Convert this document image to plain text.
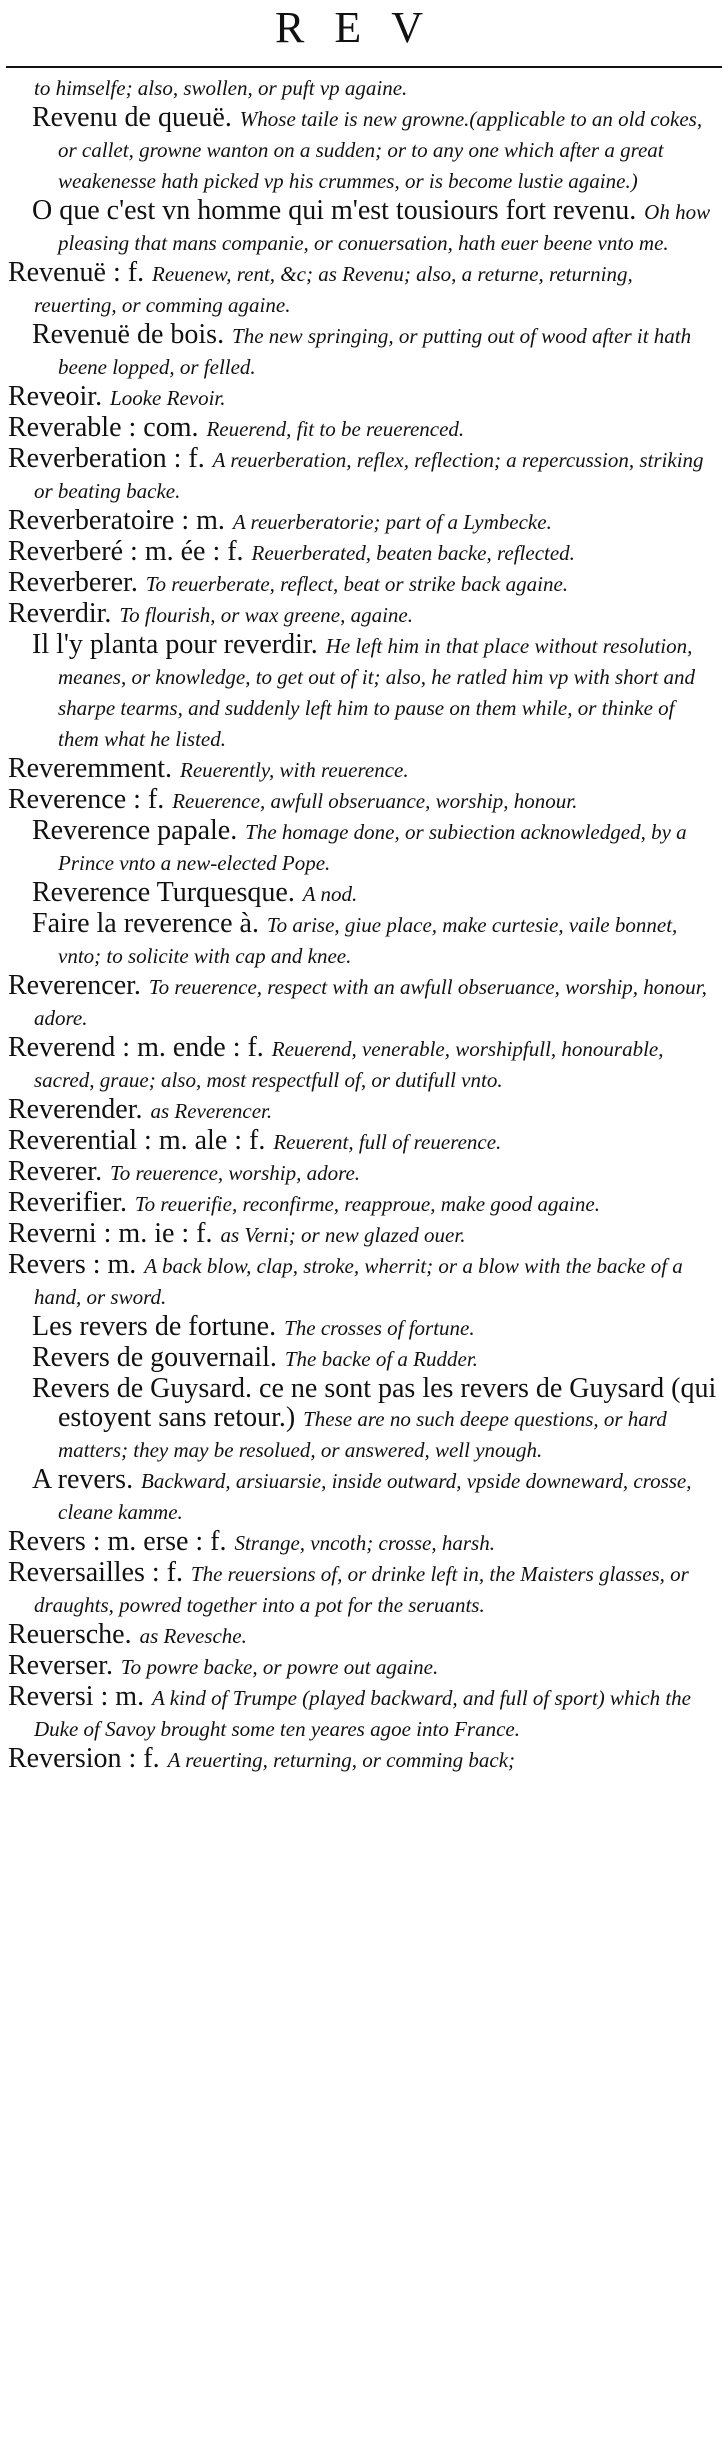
REV

to himselfe; also, swollen, or puft vp againe.

Revenu de queuë. Whose taile is new growne.(applicable to an old cokes, or callet, growne wanton on a sudden; or to any one which after a great weakenesse hath picked vp his crummes, or is become lustie againe.)

O que c'est vn homme qui m'est tousiours fort revenu. Oh how pleasing that mans companie, or conuersation, hath euer beene vnto me.

Revenuë : f. Reuenew, rent, &c; as Revenu; also, a returne, returning, reuerting, or comming againe.

Revenuë de bois. The new springing, or putting out of wood after it hath beene lopped, or felled.

Reveoir. Looke Revoir.

Reverable : com. Reuerend, fit to be reuerenced.

Reverberation : f. A reuerberation, reflex, reflection; a repercussion, striking or beating backe.

Reverberatoire : m. A reuerberatorie; part of a Lymbecke.

Reverberé : m. ée : f. Reuerberated, beaten backe, reflected.

Reverberer. To reuerberate, reflect, beat or strike back againe.

Reverdir. To flourish, or wax greene, againe.

Il l'y planta pour reverdir. He left him in that place without resolution, meanes, or knowledge, to get out of it; also, he ratled him vp with short and sharpe tearms, and suddenly left him to pause on them while, or thinke of them what he listed.

Reveremment. Reuerently, with reuerence.

Reverence : f. Reuerence, awfull obseruance, worship, honour.

Reverence papale. The homage done, or subiection acknowledged, by a Prince vnto a new-elected Pope.

Reverence Turquesque. A nod.

Faire la reverence à. To arise, giue place, make curtesie, vaile bonnet, vnto; to solicite with cap and knee.

Reverencer. To reuerence, respect with an awfull obseruance, worship, honour, adore.

Reverend : m. ende : f. Reuerend, venerable, worshipfull, honourable, sacred, graue; also, most respectfull of, or dutifull vnto.

Reverender. as Reverencer.

Reverential : m. ale : f. Reuerent, full of reuerence.

Reverer. To reuerence, worship, adore.

Reverifier. To reuerifie, reconfirme, reapproue, make good againe.

Reverni : m. ie : f. as Verni; or new glazed ouer.

Revers : m. A back blow, clap, stroke, wherrit; or a blow with the backe of a hand, or sword.

Les revers de fortune. The crosses of fortune.

Revers de gouvernail. The backe of a Rudder.

Revers de Guysard. ce ne sont pas les revers de Guysard (qui estoyent sans retour.) These are no such deepe questions, or hard matters; they may be resolued, or answered, well ynough.

A revers. Backward, arsiuarsie, inside outward, vpside downeward, crosse, cleane kamme.

Revers : m. erse : f. Strange, vncoth; crosse, harsh.

Reversailles : f. The reuersions of, or drinke left in, the Maisters glasses, or draughts, powred together into a pot for the seruants.

Reuersche. as Revesche.

Reverser. To powre backe, or powre out againe.

Reversi : m. A kind of Trumpe (played backward, and full of sport) which the Duke of Savoy brought some ten yeares agoe into France.

Reversion : f. A reuerting, returning, or comming back;
